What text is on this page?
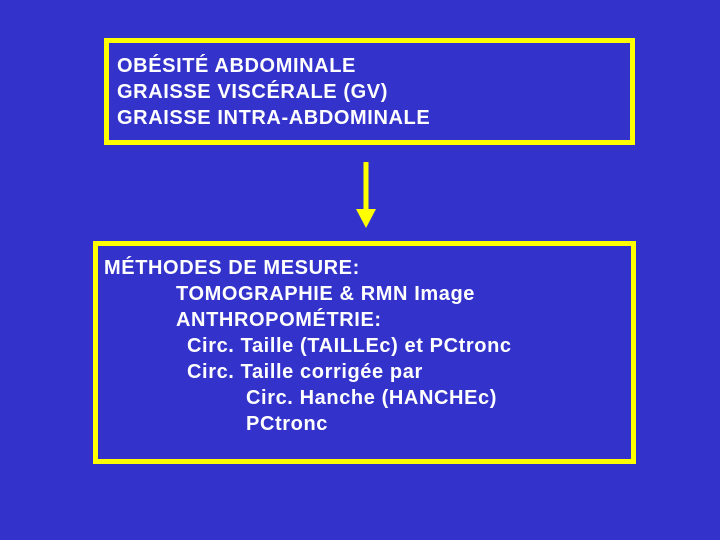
OBÉSITÉ ABDOMINALE
GRAISSE VISCÉRALE (GV)
GRAISSE INTRA-ABDOMINALE
MÉTHODES DE MESURE:
TOMOGRAPHIE & RMN Image
ANTHROPOMÉTRIE:
Circ. Taille (TAILLEc) et PCtronc
Circ. Taille corrigée par
Circ. Hanche (HANCHEc)
PCtronc
